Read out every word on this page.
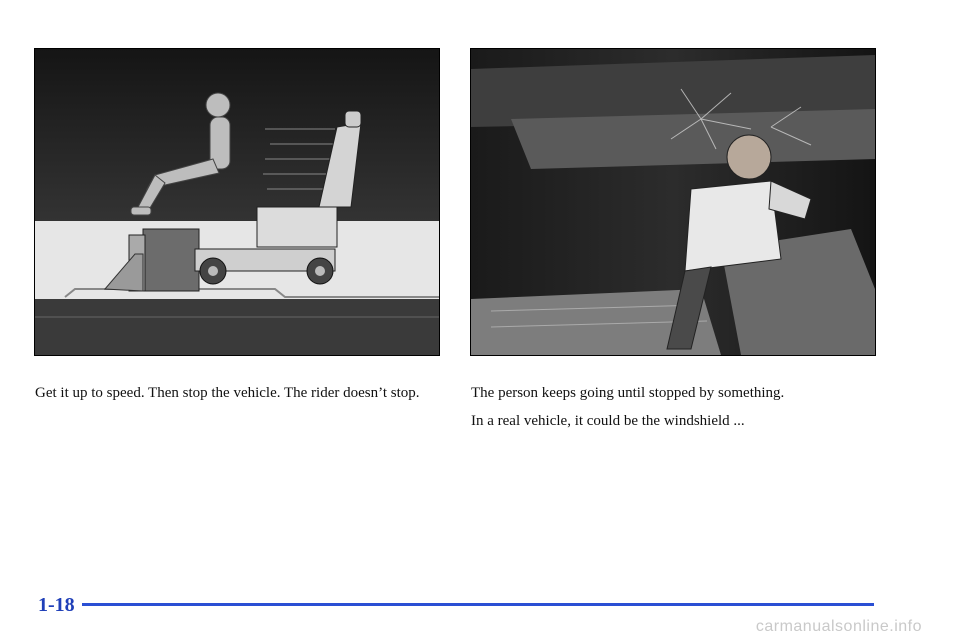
Get it up to speed. Then stop the vehicle. The rider doesn’t stop.	The person keeps going until stopped by something.

In a real vehicle, it could be the windshield ...

1-18
carmanualsonline.info
